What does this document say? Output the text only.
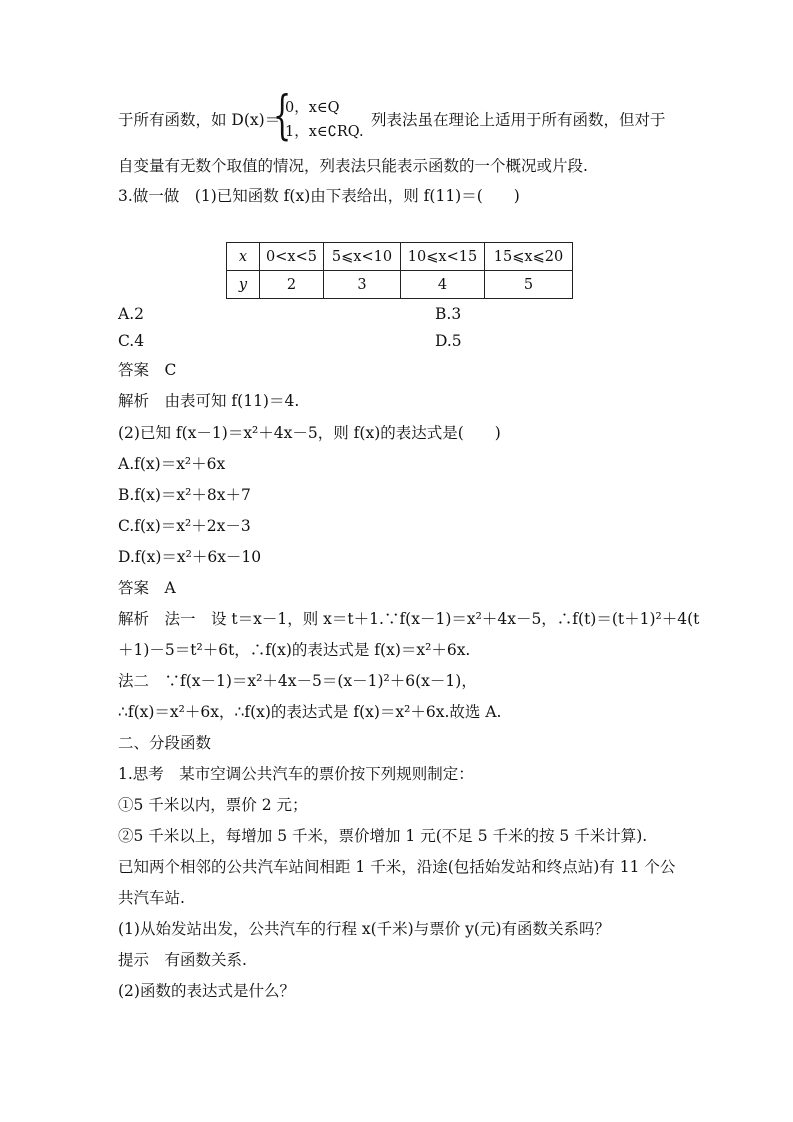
于所有函数，如 D(x)＝
{
0，x∈Q
1，x∈∁RQ.
列表法虽在理论上适用于所有函数，但对于
自变量有无数个取值的情况，列表法只能表示函数的一个概况或片段.
3.做一做　(1)已知函数 f(x)由下表给出，则 f(11)＝(　　)
x	0<x<5	5⩽x<10	10⩽x<15	15⩽x⩽20
y	2	3	4	5
A.2	B.3
C.4	D.5
答案　C
解析　由表可知 f(11)＝4.
(2)已知 f(x－1)＝x²＋4x－5，则 f(x)的表达式是(　　)
A.f(x)＝x²＋6x
B.f(x)＝x²＋8x＋7
C.f(x)＝x²＋2x－3
D.f(x)＝x²＋6x－10
答案　A
解析　法一　设 t＝x－1，则 x＝t＋1.∵f(x－1)＝x²＋4x－5，∴f(t)＝(t＋1)²＋4(t
＋1)－5＝t²＋6t，∴f(x)的表达式是 f(x)＝x²＋6x.
法二　∵f(x－1)＝x²＋4x－5＝(x－1)²＋6(x－1)，
∴f(x)＝x²＋6x，∴f(x)的表达式是 f(x)＝x²＋6x.故选 A.
二、分段函数
1.思考　某市空调公共汽车的票价按下列规则制定：
①5 千米以内，票价 2 元；
②5 千米以上，每增加 5 千米，票价增加 1 元(不足 5 千米的按 5 千米计算).
已知两个相邻的公共汽车站间相距 1 千米，沿途(包括始发站和终点站)有 11 个公
共汽车站.
(1)从始发站出发，公共汽车的行程 x(千米)与票价 y(元)有函数关系吗？
提示　有函数关系.
(2)函数的表达式是什么？
